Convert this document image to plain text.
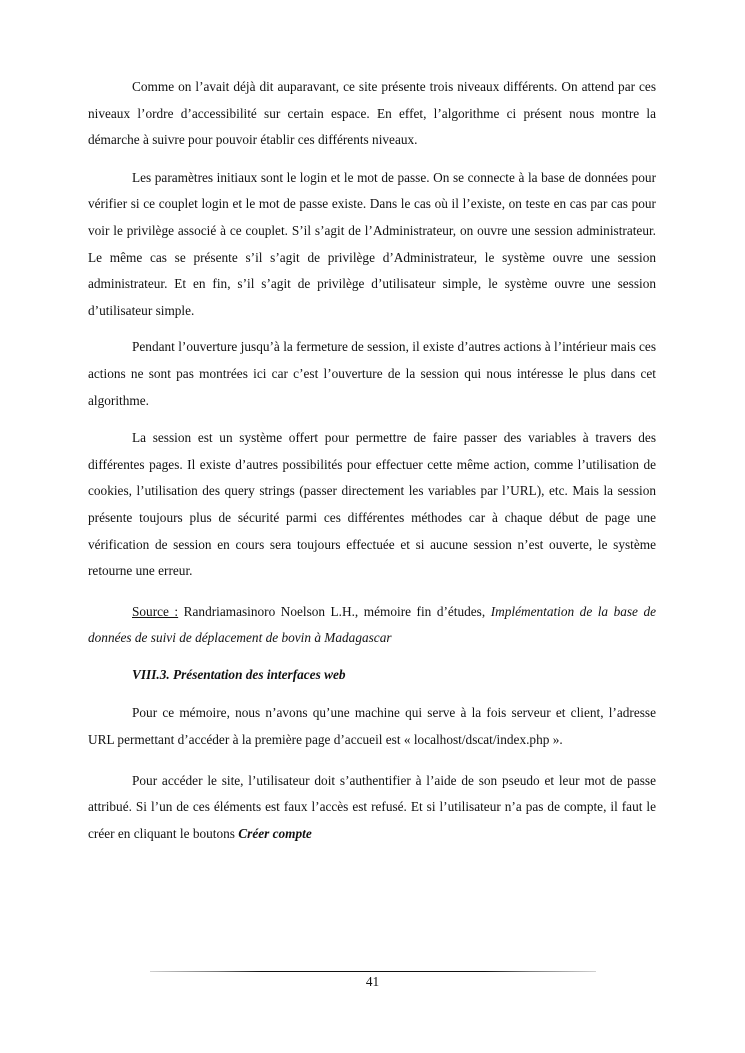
Comme on l’avait déjà dit auparavant, ce site présente trois niveaux différents. On attend par ces niveaux l’ordre d’accessibilité sur certain espace. En effet, l’algorithme ci présent nous montre la démarche à suivre pour pouvoir établir ces différents niveaux.

Les paramètres initiaux sont le login et le mot de passe. On se connecte à la base de données pour vérifier si ce couplet login et le mot de passe existe. Dans le cas où il l’existe, on teste en cas par cas pour voir le privilège associé à ce couplet. S’il s’agit de l’Administrateur, on ouvre une session administrateur. Le même cas se présente s’il s’agit de privilège d’Administrateur, le système ouvre une session administrateur. Et en fin, s’il s’agit de privilège d’utilisateur simple, le système ouvre une session d’utilisateur simple.

Pendant l’ouverture jusqu’à la fermeture de session, il existe d’autres actions à l’intérieur mais ces actions ne sont pas montrées ici car c’est l’ouverture de la session qui nous intéresse le plus dans cet algorithme.

La session est un système offert pour permettre de faire passer des variables à travers des différentes pages. Il existe d’autres possibilités pour effectuer cette même action, comme l’utilisation de cookies, l’utilisation des query strings (passer directement les variables par l’URL), etc. Mais la session présente toujours plus de sécurité parmi ces différentes méthodes car à chaque début de page une vérification de session en cours sera toujours effectuée et si aucune session n’est ouverte, le système retourne une erreur.

Source : Randriamasinoro Noelson L.H., mémoire fin d’études, Implémentation de la base de données de suivi de déplacement de bovin à Madagascar

VIII.3. Présentation des interfaces web

Pour ce mémoire, nous n’avons qu’une machine qui serve à la fois serveur et client, l’adresse URL permettant d’accéder à la première page d’accueil est « localhost/dscat/index.php ».

Pour accéder le site, l’utilisateur doit s’authentifier à l’aide de son pseudo et leur mot de passe attribué. Si l’un de ces éléments est faux l’accès est refusé. Et si l’utilisateur n’a pas de compte, il faut le créer en cliquant le boutons Créer compte

41
